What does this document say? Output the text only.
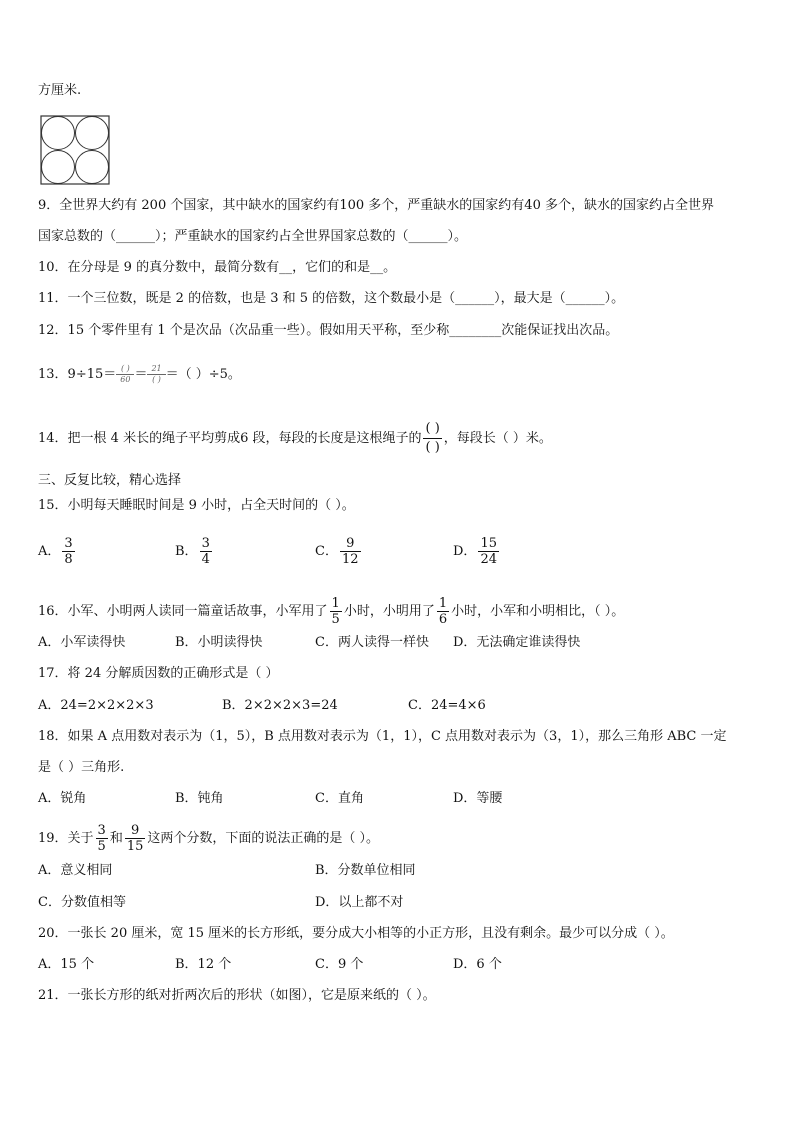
方厘米.
9．全世界大约有 200 个国家，其中缺水的国家约有100 多个，严重缺水的国家约有40 多个，缺水的国家约占全世界
国家总数的（______）；严重缺水的国家约占全世界国家总数的（______）。
10．在分母是 9 的真分数中，最简分数有__，它们的和是__。
11．一个三位数，既是 2 的倍数，也是 3 和 5 的倍数，这个数最小是（______），最大是（______）。
12．15 个零件里有 1 个是次品（次品重一些）。假如用天平称，至少称________次能保证找出次品。
13．$9\div 15= \frac{( )}{60} = \frac{21}{( )}$ ＝（ ）÷5。
14．把一根 4 米长的绳子平均剪成6 段，每段的长度是这根绳子的 $\frac{( )}{( )}$ ，每段长（ ）米。
三、反复比较，精心选择
15．小明每天睡眠时间是 9 小时，占全天时间的（ ）。
A． $\frac{3}{8}$	B． $\frac{3}{4}$	C． $\frac{9}{12}$	D． $\frac{15}{24}$
16．小军、小明两人读同一篇童话故事，小军用了 $\frac{1}{5}$ 小时，小明用了 $\frac{1}{6}$ 小时，小军和小明相比，（ ）。
A．小军读得快	B．小明读得快	C．两人读得一样快 D．无法确定谁读得快
17．将 24 分解质因数的正确形式是（ ）
A．24=2×2×2×3	B．2×2×2×3=24	C．24=4×6
18．如果 A 点用数对表示为（1，5），B 点用数对表示为（1，1），C 点用数对表示为（3，1），那么三角形 ABC 一定
是（ ）三角形.
A．锐角	B．钝角	C．直角	D．等腰
19．关于 $\frac{3}{5}$ 和 $\frac{9}{15}$ 这两个分数，下面的说法正确的是（ ）。
A．意义相同	B．分数单位相同
C．分数值相等	D．以上都不对
20．一张长 20 厘米，宽 15 厘米的长方形纸，要分成大小相等的小正方形，且没有剩余。最少可以分成（ ）。
A．15 个	B．12 个	C．9 个	D．6 个
21．一张长方形的纸对折两次后的形状（如图），它是原来纸的（ ）。
